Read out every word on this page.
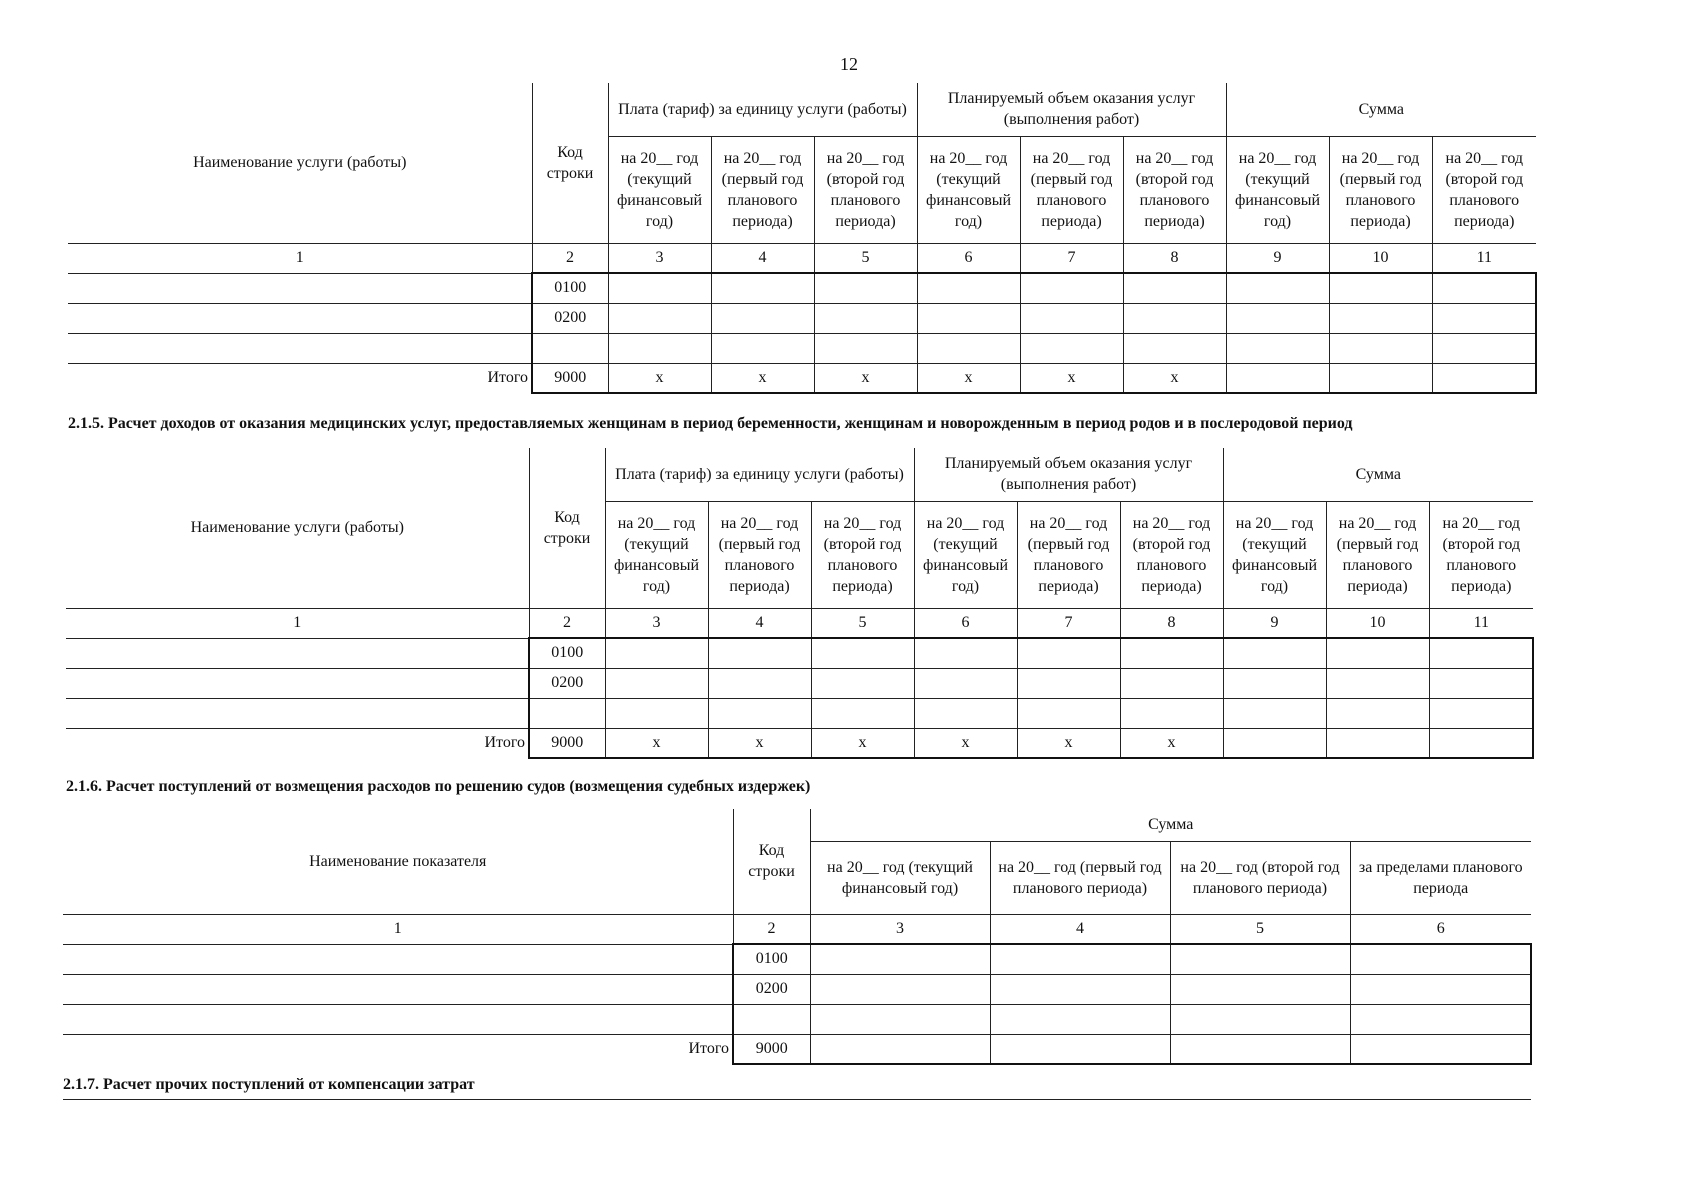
12
Наименование услуги (работы)	Код строки	Плата (тариф) за единицу услуги (работы)			Планируемый объем оказания услуг (выполнения работ)			Сумма		
		на 20__ год (текущий финансовый год)	на 20__ год (первый год планового периода)	на 20__ год (второй год планового периода)	на 20__ год (текущий финансовый год)	на 20__ год (первый год планового периода)	на 20__ год (второй год планового периода)	на 20__ год (текущий финансовый год)	на 20__ год (первый год планового периода)	на 20__ год (второй год планового периода)
1	2	3	4	5	6	7	8	9	10	11
	0100									
	0200									

Итого	9000	x	x	x	x	x	x			
2.1.5. Расчет доходов от оказания медицинских услуг, предоставляемых женщинам в период беременности, женщинам и новорожденным в период родов и в послеродовой период
Наименование услуги (работы)	Код строки	Плата (тариф) за единицу услуги (работы)			Планируемый объем оказания услуг (выполнения работ)			Сумма		
		на 20__ год (текущий финансовый год)	на 20__ год (первый год планового периода)	на 20__ год (второй год планового периода)	на 20__ год (текущий финансовый год)	на 20__ год (первый год планового периода)	на 20__ год (второй год планового периода)	на 20__ год (текущий финансовый год)	на 20__ год (первый год планового периода)	на 20__ год (второй год планового периода)
1	2	3	4	5	6	7	8	9	10	11
	0100									
	0200									

Итого	9000	x	x	x	x	x	x			
2.1.6. Расчет поступлений от возмещения расходов по решению судов (возмещения судебных издержек)
Наименование показателя	Код строки	Сумма			
		на 20__ год (текущий финансовый год)	на 20__ год (первый год планового периода)	на 20__ год (второй год планового периода)	за пределами планового периода
1	2	3	4	5	6
	0100				
	0200				

Итого	9000				
2.1.7. Расчет прочих поступлений от компенсации затрат
